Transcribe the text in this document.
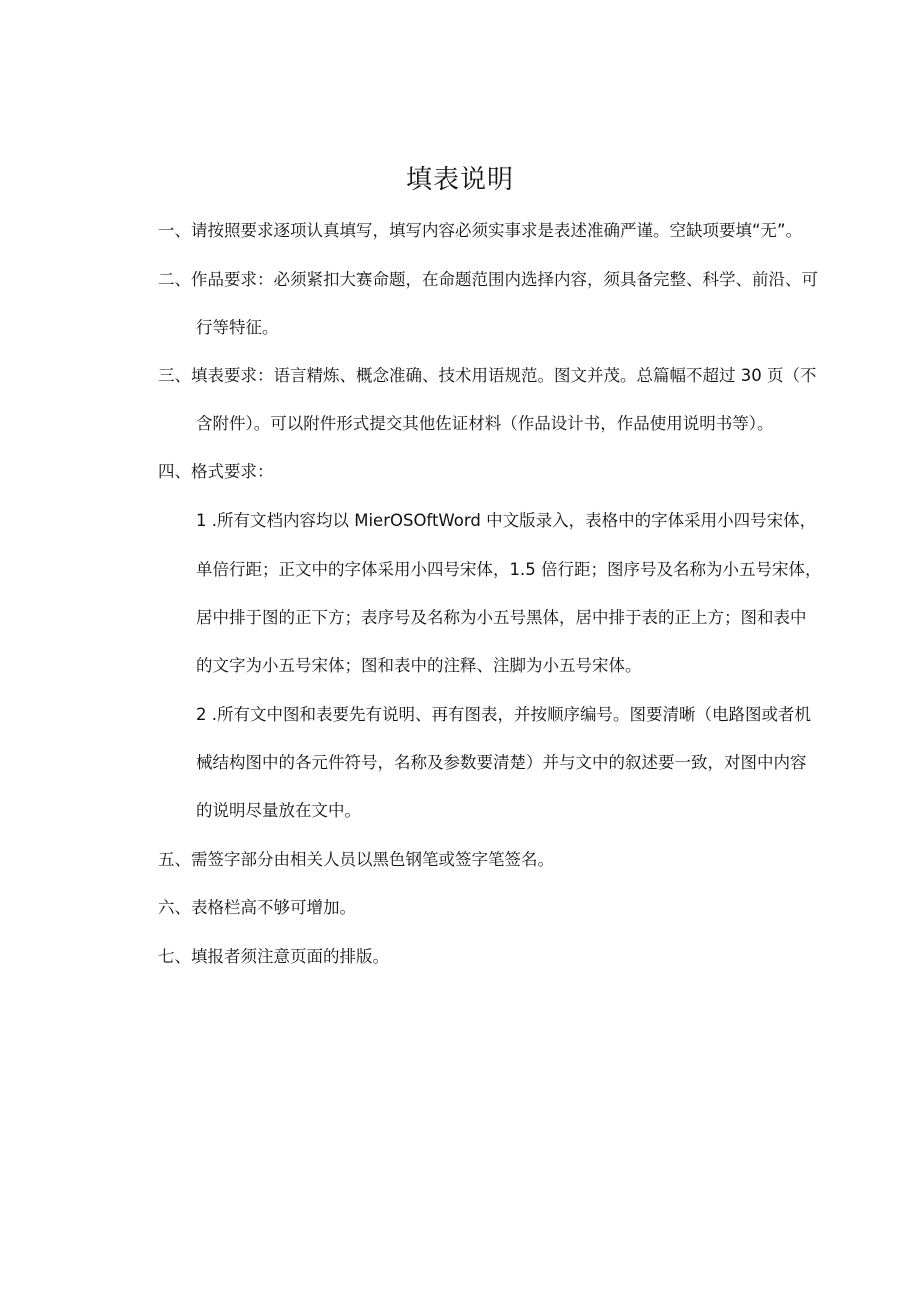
填表说明
一、请按照要求逐项认真填写，填写内容必须实事求是表述准确严谨。空缺项要填“无”。
二、作品要求：必须紧扣大赛命题，在命题范围内选择内容，须具备完整、科学、前沿、可
行等特征。
三、填表要求：语言精炼、概念准确、技术用语规范。图文并茂。总篇幅不超过 30 页（不
含附件）。可以附件形式提交其他佐证材料（作品设计书，作品使用说明书等）。
四、格式要求：
1 .所有文档内容均以 MierOSOftWord 中文版录入，表格中的字体采用小四号宋体，
单倍行距；正文中的字体采用小四号宋体，1.5 倍行距；图序号及名称为小五号宋体，
居中排于图的正下方；表序号及名称为小五号黑体，居中排于表的正上方；图和表中
的文字为小五号宋体；图和表中的注释、注脚为小五号宋体。
2 .所有文中图和表要先有说明、再有图表，并按顺序编号。图要清晰（电路图或者机
械结构图中的各元件符号，名称及参数要清楚）并与文中的叙述要一致，对图中内容
的说明尽量放在文中。
五、需签字部分由相关人员以黑色钢笔或签字笔签名。
六、表格栏高不够可增加。
七、填报者须注意页面的排版。
